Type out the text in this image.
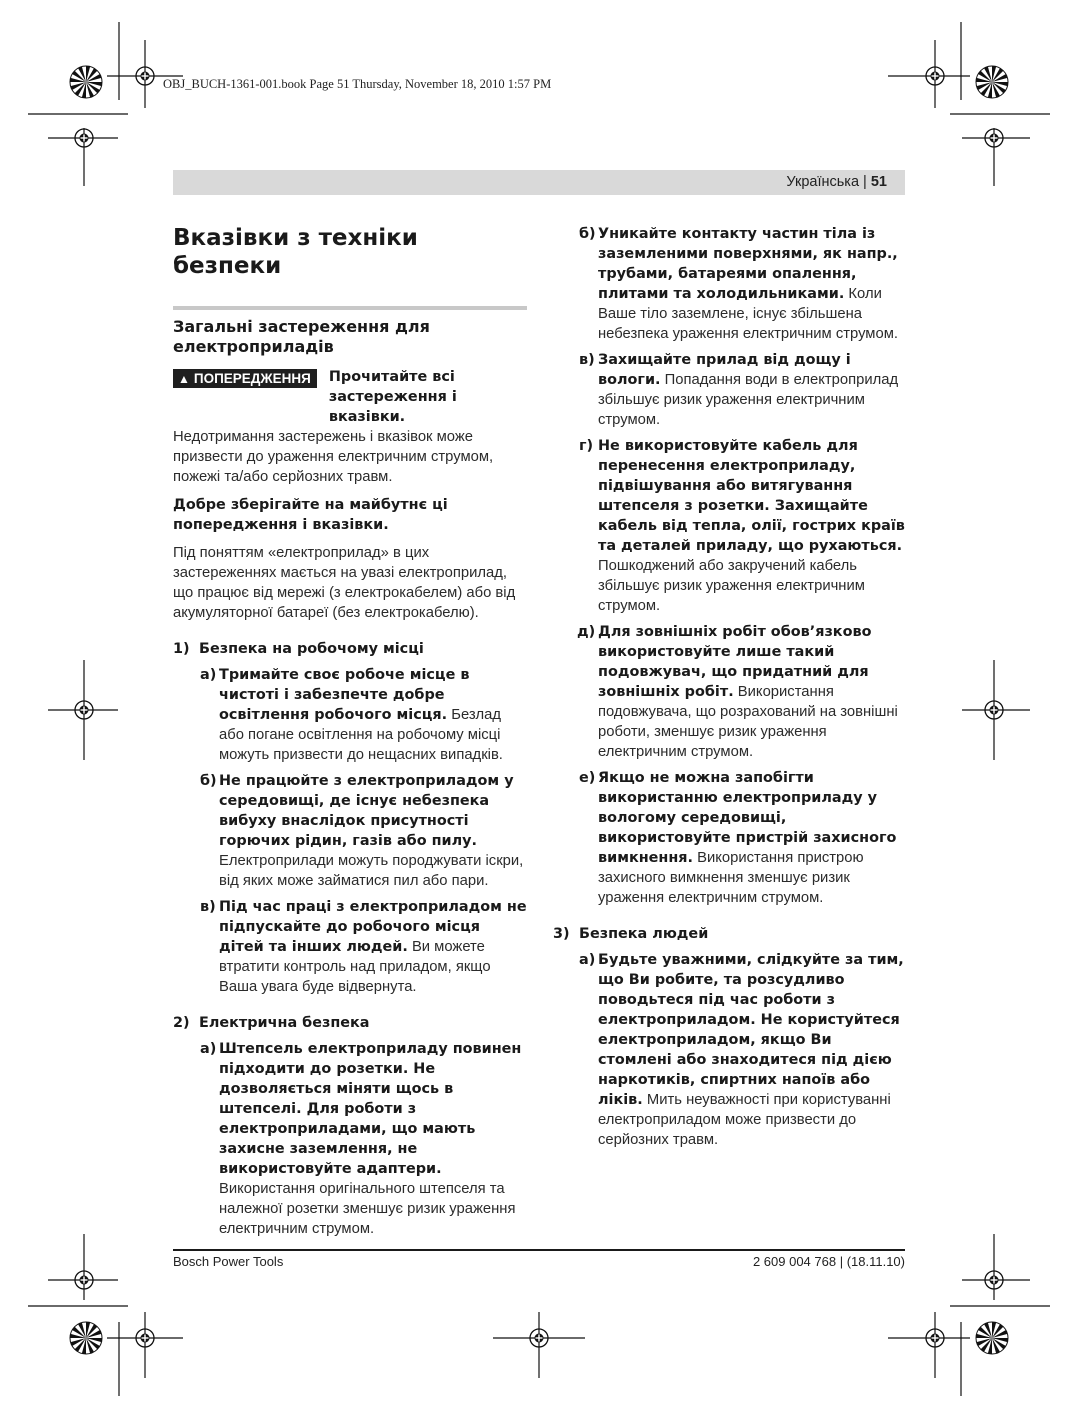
OBJ_BUCH-1361-001.book Page 51 Thursday, November 18, 2010 1:57 PM
Українська | 51
Вказівки з техніки безпеки
Загальні застереження для електроприладів
▲ ПОПЕРЕДЖЕННЯ	Прочитайте всі застереження і вказівки.

Недотримання застережень і вказівок може призвести до ураження електричним струмом, пожежі та/або серйозних травм.

Добре зберігайте на майбутнє ці попередження і вказівки.

Під поняттям «електроприлад» в цих застереженнях мається на увазі електроприлад, що працює від мережі (з електрокабелем) або від акумуляторної батареї (без електрокабелю).

1) Безпека на робочому місці
а) Тримайте своє робоче місце в чистоті і забезпечте добре освітлення робочого місця. Безлад або погане освітлення на робочому місці можуть призвести до нещасних випадків.
б) Не працюйте з електроприладом у середовищі, де існує небезпека вибуху внаслідок присутності горючих рідин, газів або пилу. Електроприлади можуть породжувати іскри, від яких може займатися пил або пари.
в) Під час праці з електроприладом не підпускайте до робочого місця дітей та інших людей. Ви можете втратити контроль над приладом, якщо Ваша увага буде відвернута.
2) Електрична безпека
а) Штепсель електроприладу повинен підходити до розетки. Не дозволяється міняти щось в штепселі. Для роботи з електроприладами, що мають захисне заземлення, не використовуйте адаптери. Використання оригінального штепселя та належної розетки зменшує ризик ураження електричним струмом.
б) Уникайте контакту частин тіла із заземленими поверхнями, як напр., трубами, батареями опалення, плитами та холодильниками. Коли Ваше тіло заземлене, існує збільшена небезпека ураження електричним струмом.
в) Захищайте прилад від дощу і вологи. Попадання води в електроприлад збільшує ризик ураження електричним струмом.
г) Не використовуйте кабель для перенесення електроприладу, підвішування або витягування штепселя з розетки. Захищайте кабель від тепла, олії, гострих країв та деталей приладу, що рухаються. Пошкоджений або закручений кабель збільшує ризик ураження електричним струмом.
д) Для зовнішніх робіт обов’язково використовуйте лише такий подовжувач, що придатний для зовнішніх робіт. Використання подовжувача, що розрахований на зовнішні роботи, зменшує ризик ураження електричним струмом.
е) Якщо не можна запобігти використанню електроприладу у вологому середовищі, використовуйте пристрій захисного вимкнення. Використання пристрою захисного вимкнення зменшує ризик ураження електричним струмом.
3) Безпека людей
а) Будьте уважними, слідкуйте за тим, що Ви робите, та розсудливо поводьтеся під час роботи з електроприладом. Не користуйтеся електроприладом, якщо Ви стомлені або знаходитеся під дією наркотиків, спиртних напоїв або ліків. Мить неуважності при користуванні електроприладом може призвести до серйозних травм.
Bosch Power Tools	2 609 004 768 | (18.11.10)
